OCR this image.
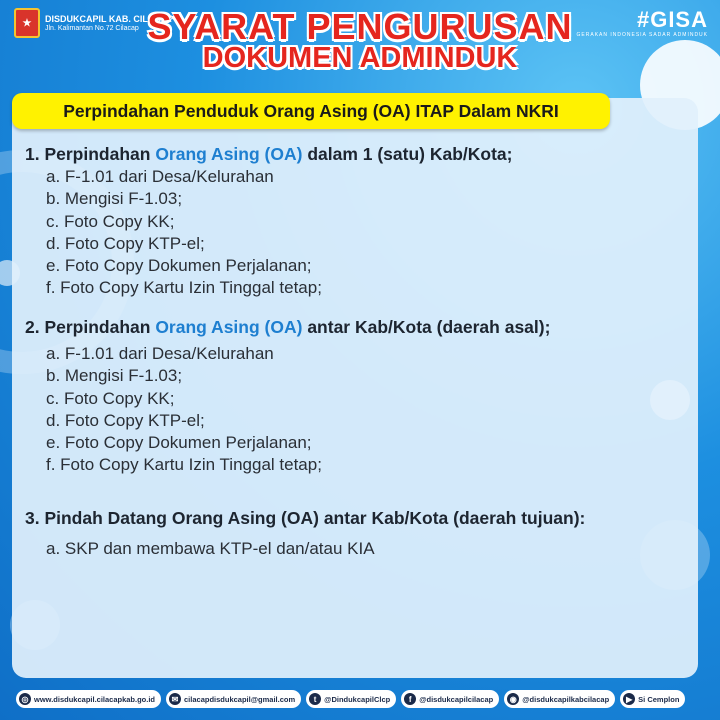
★	DISDUKCAPIL KAB. CILACAP
Jln. Kalimantan No.72 Cilacap	#GISA
GERAKAN INDONESIA SADAR ADMINDUK
SYARAT PENGURUSAN
DOKUMEN ADMINDUK
Perpindahan Penduduk Orang Asing (OA) ITAP Dalam NKRI
1. Perpindahan Orang Asing (OA) dalam 1 (satu) Kab/Kota;
a. F-1.01 dari Desa/Kelurahan
b. Mengisi F-1.03;
c. Foto Copy KK;
d. Foto Copy KTP-el;
e. Foto Copy Dokumen Perjalanan;
f. Foto Copy Kartu Izin Tinggal tetap;
2. Perpindahan Orang Asing (OA) antar Kab/Kota (daerah asal);
a. F-1.01 dari Desa/Kelurahan
b. Mengisi F-1.03;
c. Foto Copy KK;
d. Foto Copy KTP-el;
e. Foto Copy Dokumen Perjalanan;
f. Foto Copy Kartu Izin Tinggal tetap;
3. Pindah Datang Orang Asing (OA) antar Kab/Kota (daerah tujuan):
a. SKP dan membawa KTP-el dan/atau KIA
◎ www.disdukcapil.cilacapkab.go.id	✉ cilacapdisdukcapil@gmail.com	t	@DindukcapilClcp	f	@disdukcapilcilacap	◉ @disdukcapilkabcilacap	▶ Si Cemplon
